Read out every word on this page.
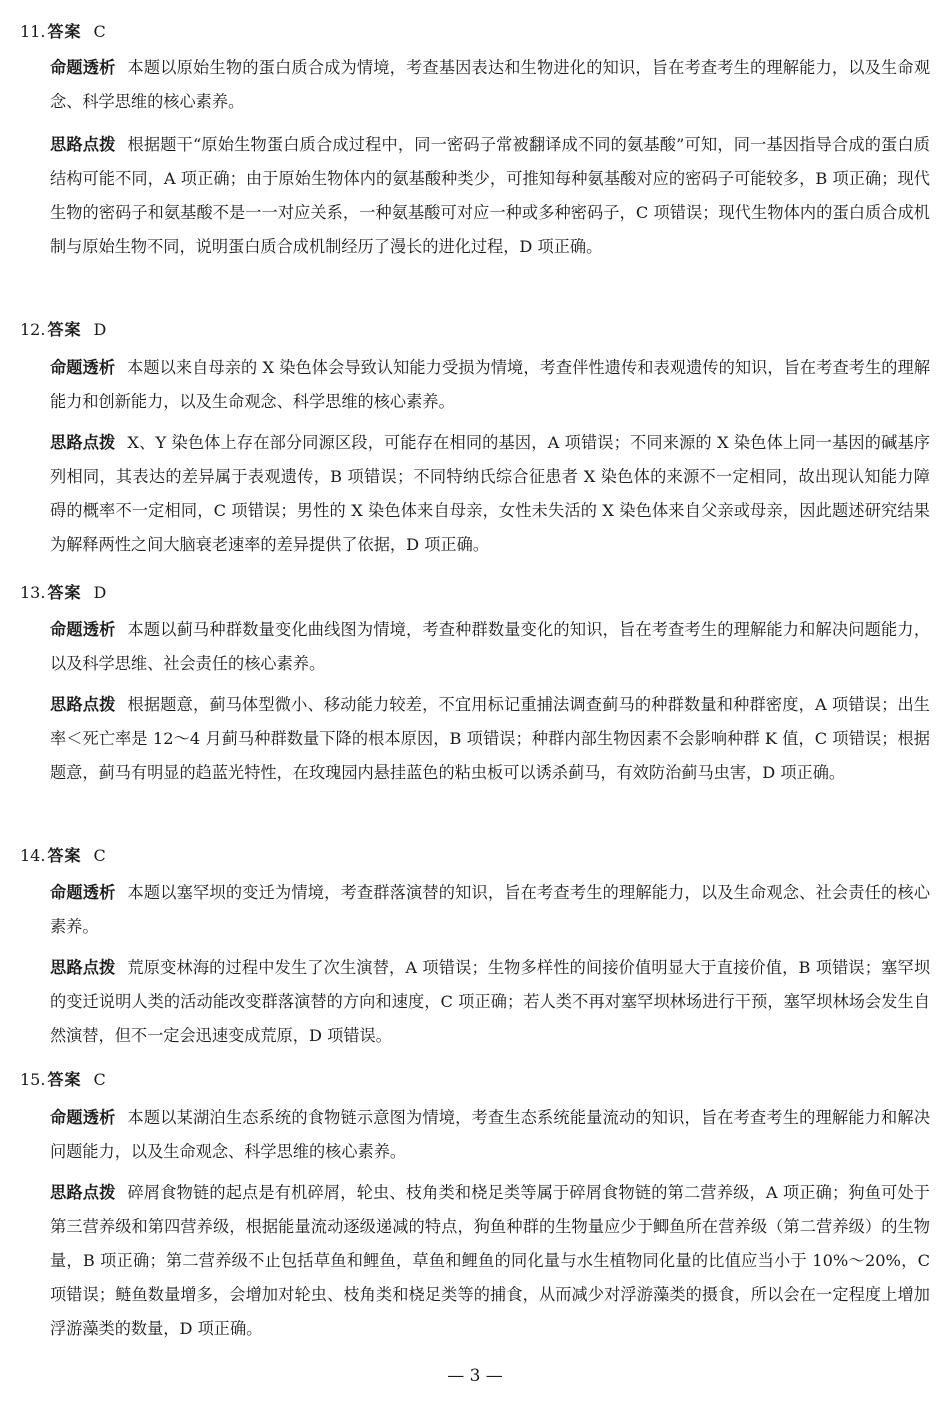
11. 答案 C

命题透析 本题以原始生物的蛋白质合成为情境，考查基因表达和生物进化的知识，旨在考查考生的理解能力，以及生命观念、科学思维的核心素养。

思路点拨 根据题干“原始生物蛋白质合成过程中，同一密码子常被翻译成不同的氨基酸”可知，同一基因指导合成的蛋白质结构可能不同，A 项正确；由于原始生物体内的氨基酸种类少，可推知每种氨基酸对应的密码子可能较多，B 项正确；现代生物的密码子和氨基酸不是一一对应关系，一种氨基酸可对应一种或多种密码子，C 项错误；现代生物体内的蛋白质合成机制与原始生物不同，说明蛋白质合成机制经历了漫长的进化过程，D 项正确。

12. 答案 D

命题透析 本题以来自母亲的 X 染色体会导致认知能力受损为情境，考查伴性遗传和表观遗传的知识，旨在考查考生的理解能力和创新能力，以及生命观念、科学思维的核心素养。

思路点拨 X、Y 染色体上存在部分同源区段，可能存在相同的基因，A 项错误；不同来源的 X 染色体上同一基因的碱基序列相同，其表达的差异属于表观遗传，B 项错误；不同特纳氏综合征患者 X 染色体的来源不一定相同，故出现认知能力障碍的概率不一定相同，C 项错误；男性的 X 染色体来自母亲，女性未失活的 X 染色体来自父亲或母亲，因此题述研究结果为解释两性之间大脑衰老速率的差异提供了依据，D 项正确。

13. 答案 D

命题透析 本题以蓟马种群数量变化曲线图为情境，考查种群数量变化的知识，旨在考查考生的理解能力和解决问题能力，以及科学思维、社会责任的核心素养。

思路点拨 根据题意，蓟马体型微小、移动能力较差，不宜用标记重捕法调查蓟马的种群数量和种群密度，A 项错误；出生率＜死亡率是 12～4 月蓟马种群数量下降的根本原因，B 项错误；种群内部生物因素不会影响种群 K 值，C 项错误；根据题意，蓟马有明显的趋蓝光特性，在玫瑰园内悬挂蓝色的粘虫板可以诱杀蓟马，有效防治蓟马虫害，D 项正确。

14. 答案 C

命题透析 本题以塞罕坝的变迁为情境，考查群落演替的知识，旨在考查考生的理解能力，以及生命观念、社会责任的核心素养。

思路点拨 荒原变林海的过程中发生了次生演替，A 项错误；生物多样性的间接价值明显大于直接价值，B 项错误；塞罕坝的变迁说明人类的活动能改变群落演替的方向和速度，C 项正确；若人类不再对塞罕坝林场进行干预，塞罕坝林场会发生自然演替，但不一定会迅速变成荒原，D 项错误。

15. 答案 C

命题透析 本题以某湖泊生态系统的食物链示意图为情境，考查生态系统能量流动的知识，旨在考查考生的理解能力和解决问题能力，以及生命观念、科学思维的核心素养。

思路点拨 碎屑食物链的起点是有机碎屑，轮虫、枝角类和桡足类等属于碎屑食物链的第二营养级，A 项正确；狗鱼可处于第三营养级和第四营养级，根据能量流动逐级递减的特点，狗鱼种群的生物量应少于鲫鱼所在营养级（第二营养级）的生物量，B 项正确；第二营养级不止包括草鱼和鲤鱼，草鱼和鲤鱼的同化量与水生植物同化量的比值应当小于 10%～20%，C 项错误；鲢鱼数量增多，会增加对轮虫、枝角类和桡足类等的捕食，从而减少对浮游藻类的摄食，所以会在一定程度上增加浮游藻类的数量，D 项正确。

— 3 —
